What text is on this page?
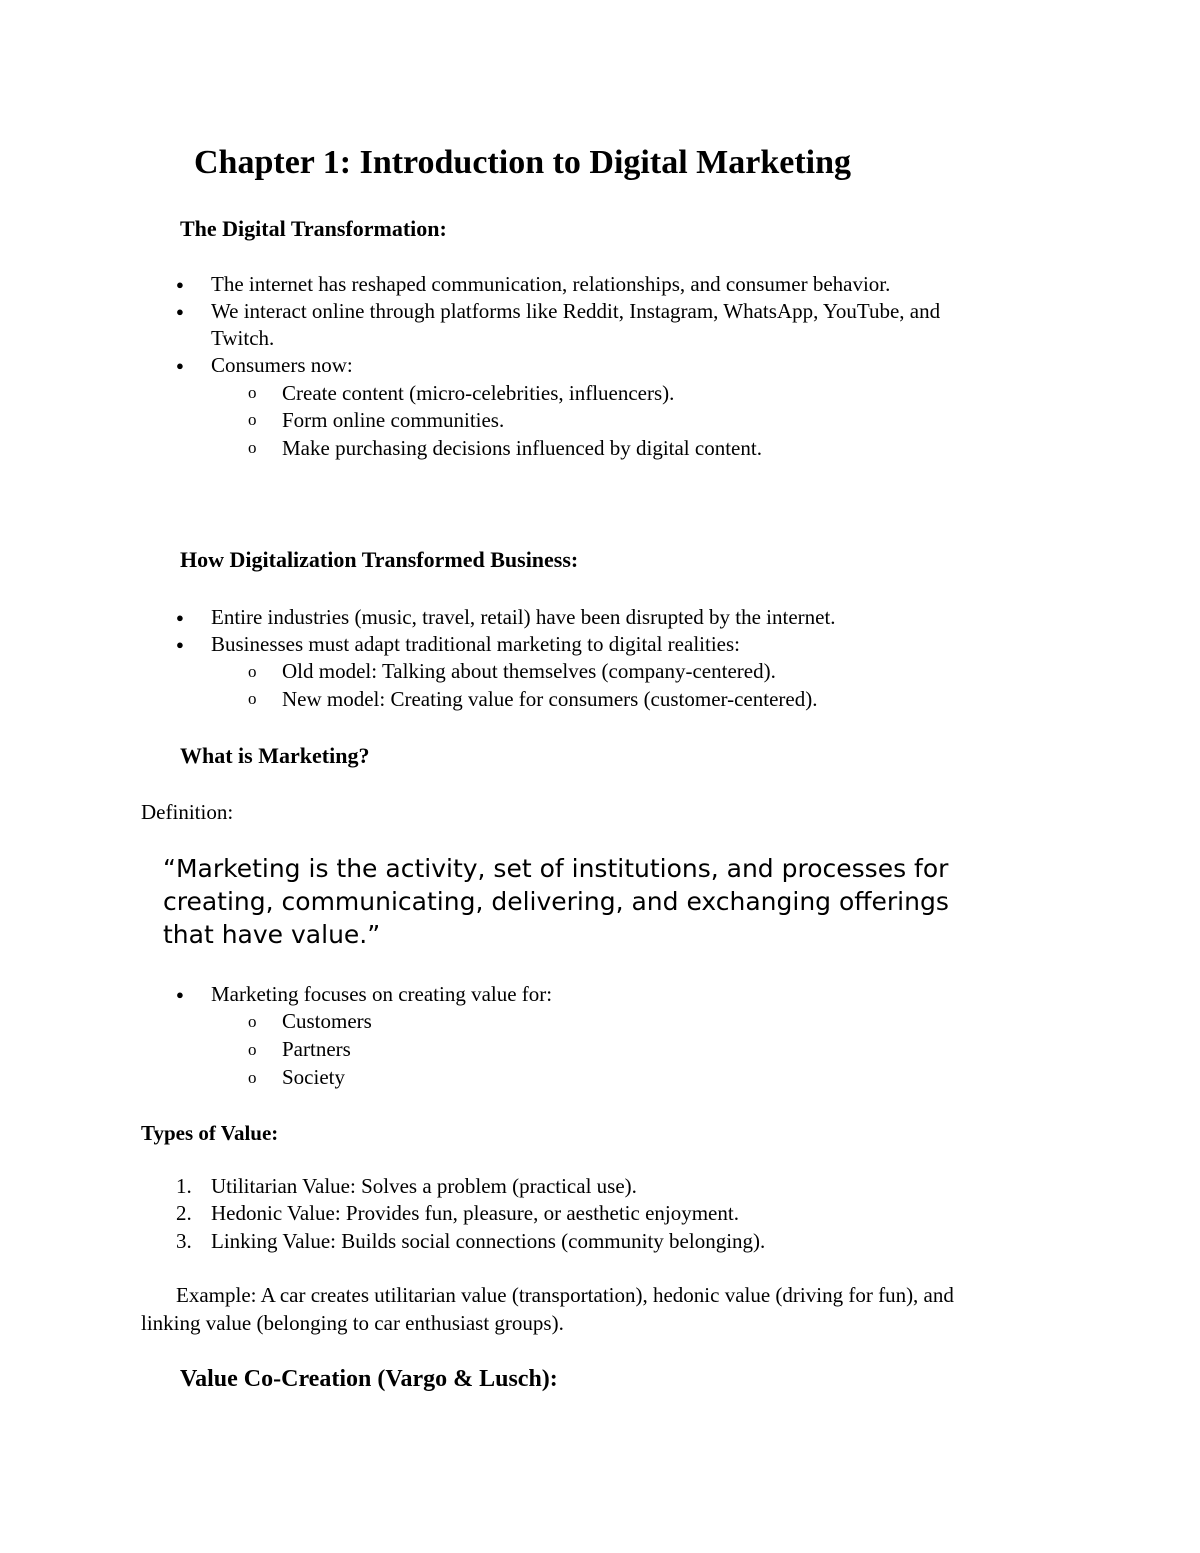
Chapter 1: Introduction to Digital Marketing
The Digital Transformation:
● The internet has reshaped communication, relationships, and consumer behavior.
● We interact online through platforms like Reddit, Instagram, WhatsApp, YouTube, and
Twitch.
● Consumers now:
o Create content (micro-celebrities, influencers).
o Form online communities.
o Make purchasing decisions influenced by digital content.
How Digitalization Transformed Business:
● Entire industries (music, travel, retail) have been disrupted by the internet.
● Businesses must adapt traditional marketing to digital realities:
o Old model: Talking about themselves (company-centered).
o New model: Creating value for consumers (customer-centered).
What is Marketing?
Definition:
“Marketing is the activity, set of institutions, and processes for
creating, communicating, delivering, and exchanging offerings
that have value.”
● Marketing focuses on creating value for:
o Customers
o Partners
o Society
Types of Value:
1. Utilitarian Value: Solves a problem (practical use).
2. Hedonic Value: Provides fun, pleasure, or aesthetic enjoyment.
3. Linking Value: Builds social connections (community belonging).
Example: A car creates utilitarian value (transportation), hedonic value (driving for fun), and
linking value (belonging to car enthusiast groups).
Value Co-Creation (Vargo & Lusch):
